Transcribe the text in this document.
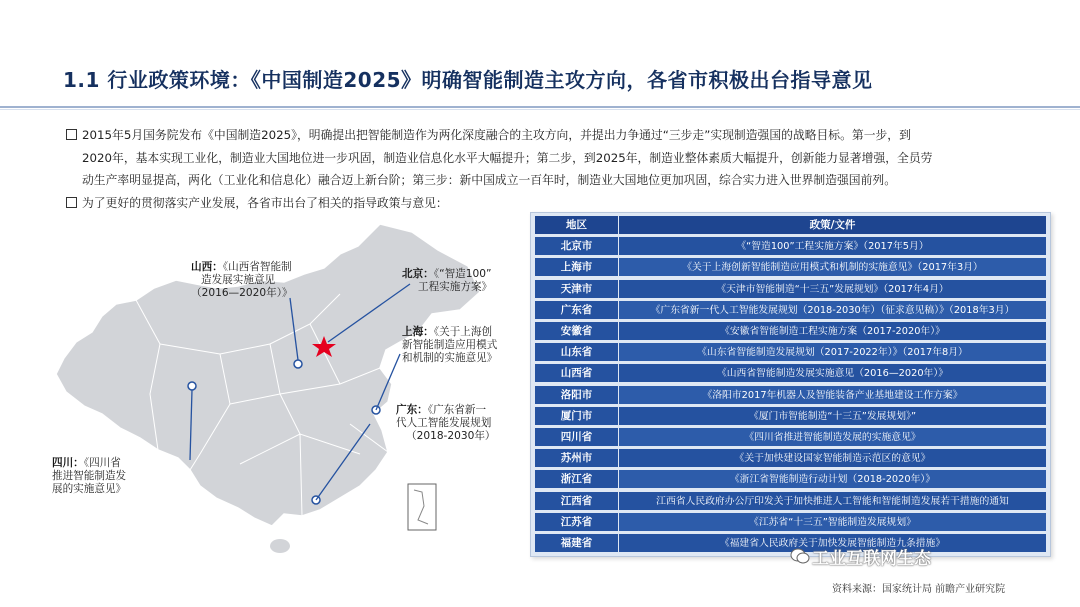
1.1 行业政策环境：《中国制造2025》明确智能制造主攻方向，各省市积极出台指导意见
2015年5月国务院发布《中国制造2025》，明确提出把智能制造作为两化深度融合的主攻方向，并提出力争通过“三步走”实现制造强国的战略目标。第一步，到
2020年，基本实现工业化，制造业大国地位进一步巩固，制造业信息化水平大幅提升；第二步，到2025年，制造业整体素质大幅提升，创新能力显著增强，全员劳
动生产率明显提高，两化（工业化和信息化）融合迈上新台阶；第三步：新中国成立一百年时，制造业大国地位更加巩固，综合实力进入世界制造强国前列。
为了更好的贯彻落实产业发展，各省市出台了相关的指导政策与意见：
山西：《山西省智能制
造发展实施意见
（2016—2020年）》
北京：《“智造100”
工程实施方案》
上海：《关于上海创
新智能制造应用模式
和机制的实施意见》
广东：《广东省新一
代人工智能发展规划
（2018-2030年）
四川：《四川省
推进智能制造发
展的实施意见》
地区	政策/文件
北京市	《“智造100”工程实施方案》（2017年5月）
上海市	《关于上海创新智能制造应用模式和机制的实施意见》（2017年3月）
天津市	《天津市智能制造“十三五”发展规划》（2017年4月）
广东省	《广东省新一代人工智能发展规划（2018-2030年）（征求意见稿）》（2018年3月）
安徽省	《安徽省智能制造工程实施方案（2017-2020年）》
山东省	《山东省智能制造发展规划（2017-2022年）》（2017年8月）
山西省	《山西省智能制造发展实施意见（2016—2020年）》
洛阳市	《洛阳市2017年机器人及智能装备产业基地建设工作方案》
厦门市	《厦门市智能制造“十三五”发展规划》”
四川省	《四川省推进智能制造发展的实施意见》
苏州市	《关于加快建设国家智能制造示范区的意见》
浙江省	《浙江省智能制造行动计划（2018-2020年）》
江西省	江西省人民政府办公厅印发关于加快推进人工智能和智能制造发展若干措施的通知
江苏省	《江苏省“十三五”智能制造发展规划》
福建省	《福建省人民政府关于加快发展智能制造九条措施》
工业互联网生态
资料来源：国家统计局 前瞻产业研究院
